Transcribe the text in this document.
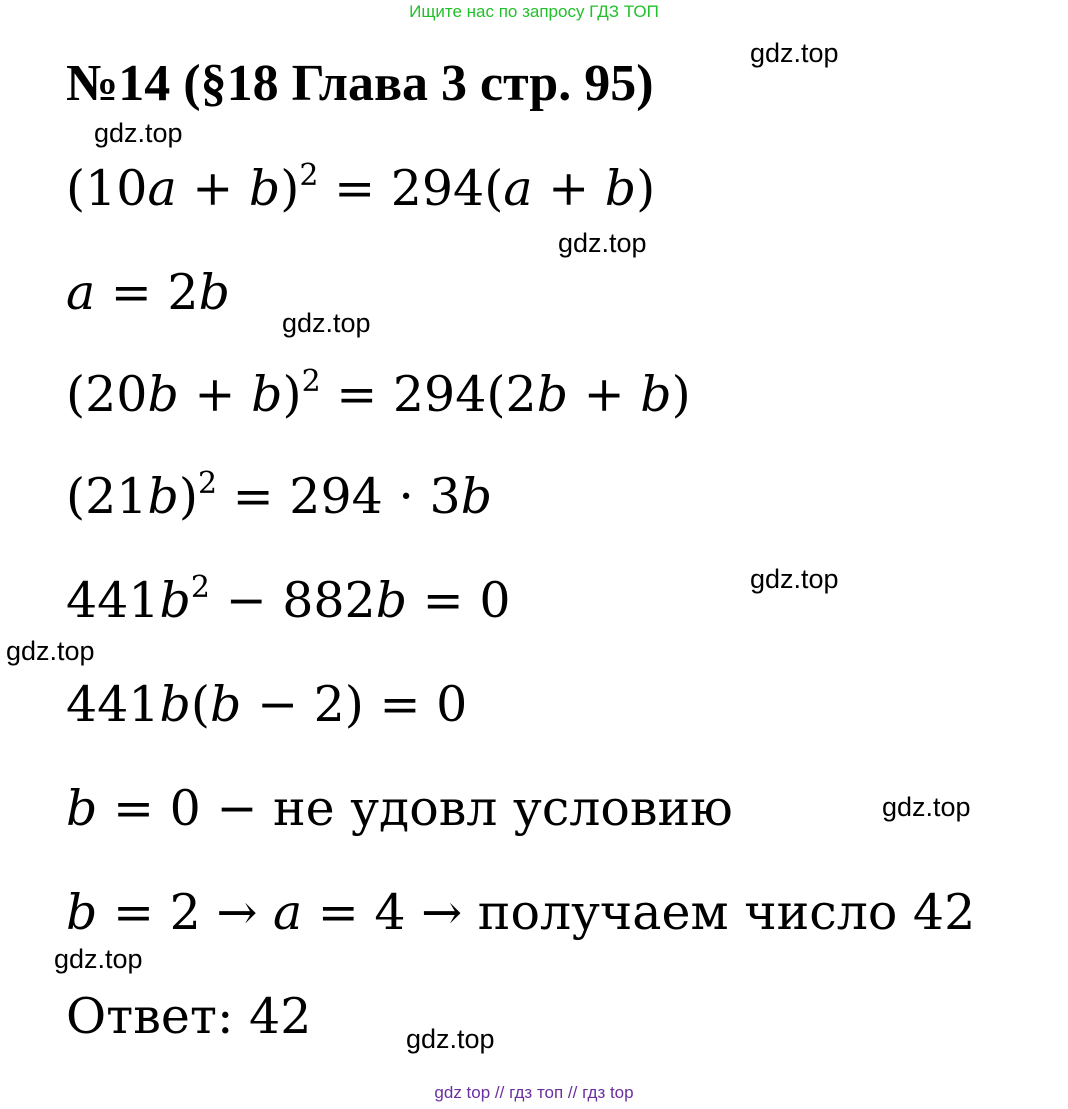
Ищите нас по запросу ГДЗ ТОП
№14 (§18 Глава 3 стр. 95)
gdz.top
gdz.top
$(10a + b)^2 = 294(a + b)$
gdz.top
a = 2b
gdz.top
$(20b + b)^2 = 294(2b + b)$
$(21b)^2 = 294 \cdot 3b$
gdz.top
$441b^2 - 882b = 0$
gdz.top
441b(b − 2) = 0
b = 0 − не удовл условию	gdz.top
b = 2 → a = 4 → получаем число 42
gdz.top
Ответ: 42	gdz.top
gdz top // гдз топ // гдз top
